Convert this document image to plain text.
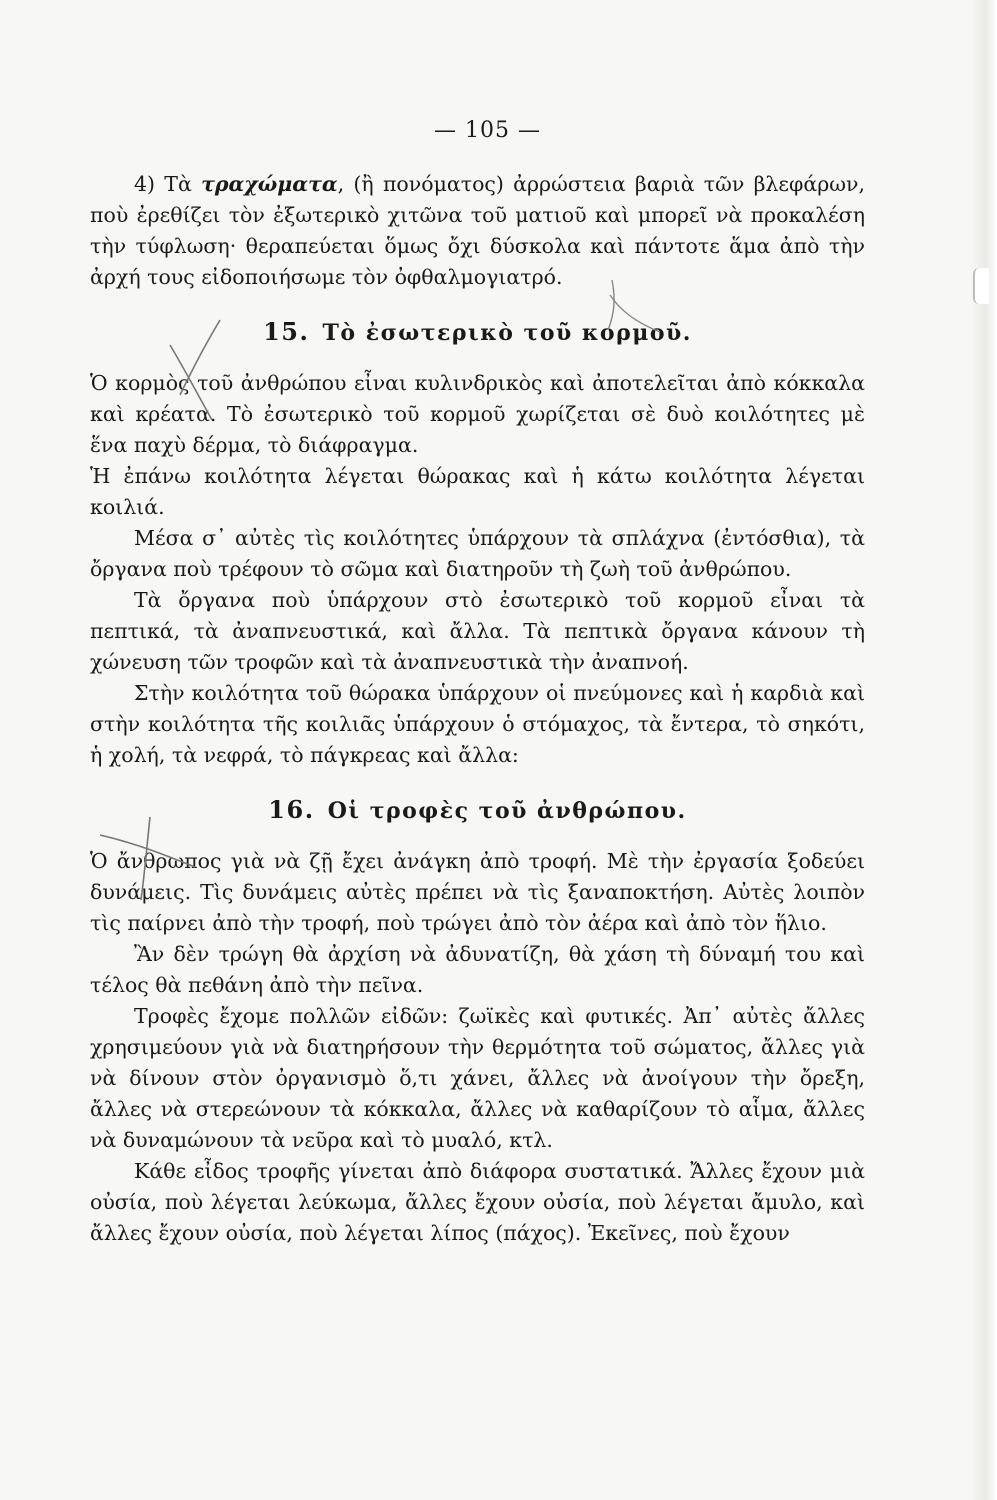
— 105 —

4) Τὰ τραχώματα, (ἢ πονόματος) ἀρρώστεια βαριὰ τῶν βλεφάρων, ποὺ ἐρεθίζει τὸν ἐξωτερικὸ χιτῶνα τοῦ ματιοῦ καὶ μπορεῖ νὰ προκαλέση τὴν τύφλωση· θεραπεύεται ὅμως ὄχι δύσκολα καὶ πάντοτε ἅμα ἀπὸ τὴν ἀρχή τους εἰδοποιήσωμε τὸν ὀφθαλμογιατρό.

15. Τὸ ἐσωτερικὸ τοῦ κορμοῦ.

Ὁ κορμὸς τοῦ ἀνθρώπου εἶναι κυλινδρικὸς καὶ ἀποτελεῖται ἀπὸ κόκκαλα καὶ κρέατα. Τὸ ἐσωτερικὸ τοῦ κορμοῦ χωρίζεται σὲ δυὸ κοιλότητες μὲ ἕνα παχὺ δέρμα, τὸ διάφραγμα.

Ἡ ἐπάνω κοιλότητα λέγεται θώρακας καὶ ἡ κάτω κοιλότητα λέγεται κοιλιά.

Μέσα σ᾽ αὐτὲς τὶς κοιλότητες ὑπάρχουν τὰ σπλάχνα (ἐντόσθια), τὰ ὄργανα ποὺ τρέφουν τὸ σῶμα καὶ διατηροῦν τὴ ζωὴ τοῦ ἀνθρώπου.

Τὰ ὄργανα ποὺ ὑπάρχουν στὸ ἐσωτερικὸ τοῦ κορμοῦ εἶναι τὰ πεπτικά, τὰ ἀναπνευστικά, καὶ ἄλλα. Τὰ πεπτικὰ ὄργανα κάνουν τὴ χώνευση τῶν τροφῶν καὶ τὰ ἀναπνευστικὰ τὴν ἀναπνοή.

Στὴν κοιλότητα τοῦ θώρακα ὑπάρχουν οἱ πνεύμονες καὶ ἡ καρδιὰ καὶ στὴν κοιλότητα τῆς κοιλιᾶς ὑπάρχουν ὁ στόμαχος, τὰ ἔντερα, τὸ σηκότι, ἡ χολή, τὰ νεφρά, τὸ πάγκρεας καὶ ἄλλα:

16. Οἱ τροφὲς τοῦ ἀνθρώπου.

Ὁ ἄνθρωπος γιὰ νὰ ζῇ ἔχει ἀνάγκη ἀπὸ τροφή. Μὲ τὴν ἐργασία ξοδεύει δυνάμεις. Τὶς δυνάμεις αὐτὲς πρέπει νὰ τὶς ξαναποκτήση. Αὐτὲς λοιπὸν τὶς παίρνει ἀπὸ τὴν τροφή, ποὺ τρώγει ἀπὸ τὸν ἀέρα καὶ ἀπὸ τὸν ἥλιο.

Ἂν δὲν τρώγη θὰ ἀρχίση νὰ ἀδυνατίζη, θὰ χάση τὴ δύναμή του καὶ τέλος θὰ πεθάνη ἀπὸ τὴν πεῖνα.

Τροφὲς ἔχομε πολλῶν εἰδῶν: ζωϊκὲς καὶ φυτικές. Ἀπ᾽ αὐτὲς ἄλλες χρησιμεύουν γιὰ νὰ διατηρήσουν τὴν θερμότητα τοῦ σώματος, ἄλλες γιὰ νὰ δίνουν στὸν ὀργανισμὸ ὅ,τι χάνει, ἄλλες νὰ ἀνοίγουν τὴν ὄρεξη, ἄλλες νὰ στερεώνουν τὰ κόκκαλα, ἄλλες νὰ καθαρίζουν τὸ αἷμα, ἄλλες νὰ δυναμώνουν τὰ νεῦρα καὶ τὸ μυαλό, κτλ.

Κάθε εἶδος τροφῆς γίνεται ἀπὸ διάφορα συστατικά. Ἄλλες ἔχουν μιὰ οὐσία, ποὺ λέγεται λεύκωμα, ἄλλες ἔχουν οὐσία, ποὺ λέγεται ἄμυλο, καὶ ἄλλες ἔχουν οὐσία, ποὺ λέγεται λίπος (πάχος). Ἐκεῖνες, ποὺ ἔχουν
